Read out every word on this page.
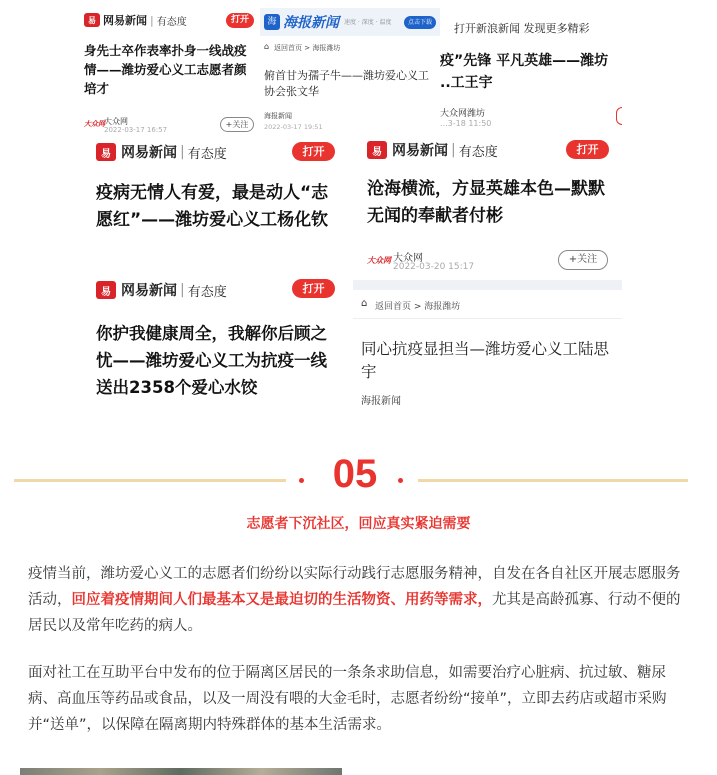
易 网易新闻 | 有态度	打开
身先士卒作表率扑身一线战疫情——潍坊爱心义工志愿者颜培才
大众网 大众网
2022-03-17 16:57
+关注
海 海报新闻 速度 · 深度 · 温度	点击下载
⌂ 返回首页 > 海报潍坊
俯首甘为孺子牛——潍坊爱心义工协会张文华
海报新闻
2022-03-17 19:51
打开新浪新闻 发现更多精彩
疫”先锋 平凡英雄——潍坊 ..工王宇
大众网潍坊
...3-18 11:50
易 网易新闻 | 有态度	打开
疫病无情人有爱，最是动人“志愿红”——潍坊爱心义工杨化钦
易 网易新闻 | 有态度	打开
沧海横流，方显英雄本色—默默无闻的奉献者付彬
大众网 大众网
2022-03-20 15:17
+关注
易 网易新闻 | 有态度	打开
你护我健康周全，我解你后顾之忧——潍坊爱心义工为抗疫一线送出2358个爱心水饺
⌂ 返回首页 > 海报潍坊
同心抗疫显担当—潍坊爱心义工陆思宇
海报新闻
05
志愿者下沉社区，回应真实紧迫需要
疫情当前，潍坊爱心义工的志愿者们纷纷以实际行动践行志愿服务精神，自发在各自社区开展志愿服务活动，回应着疫情期间人们最基本又是最迫切的生活物资、用药等需求，尤其是高龄孤寡、行动不便的居民以及常年吃药的病人。
面对社工在互助平台中发布的位于隔离区居民的一条条求助信息，如需要治疗心脏病、抗过敏、糖尿病、高血压等药品或食品，以及一周没有喂的大金毛时，志愿者纷纷“接单”，立即去药店或超市采购并“送单”，以保障在隔离期内特殊群体的基本生活需求。
